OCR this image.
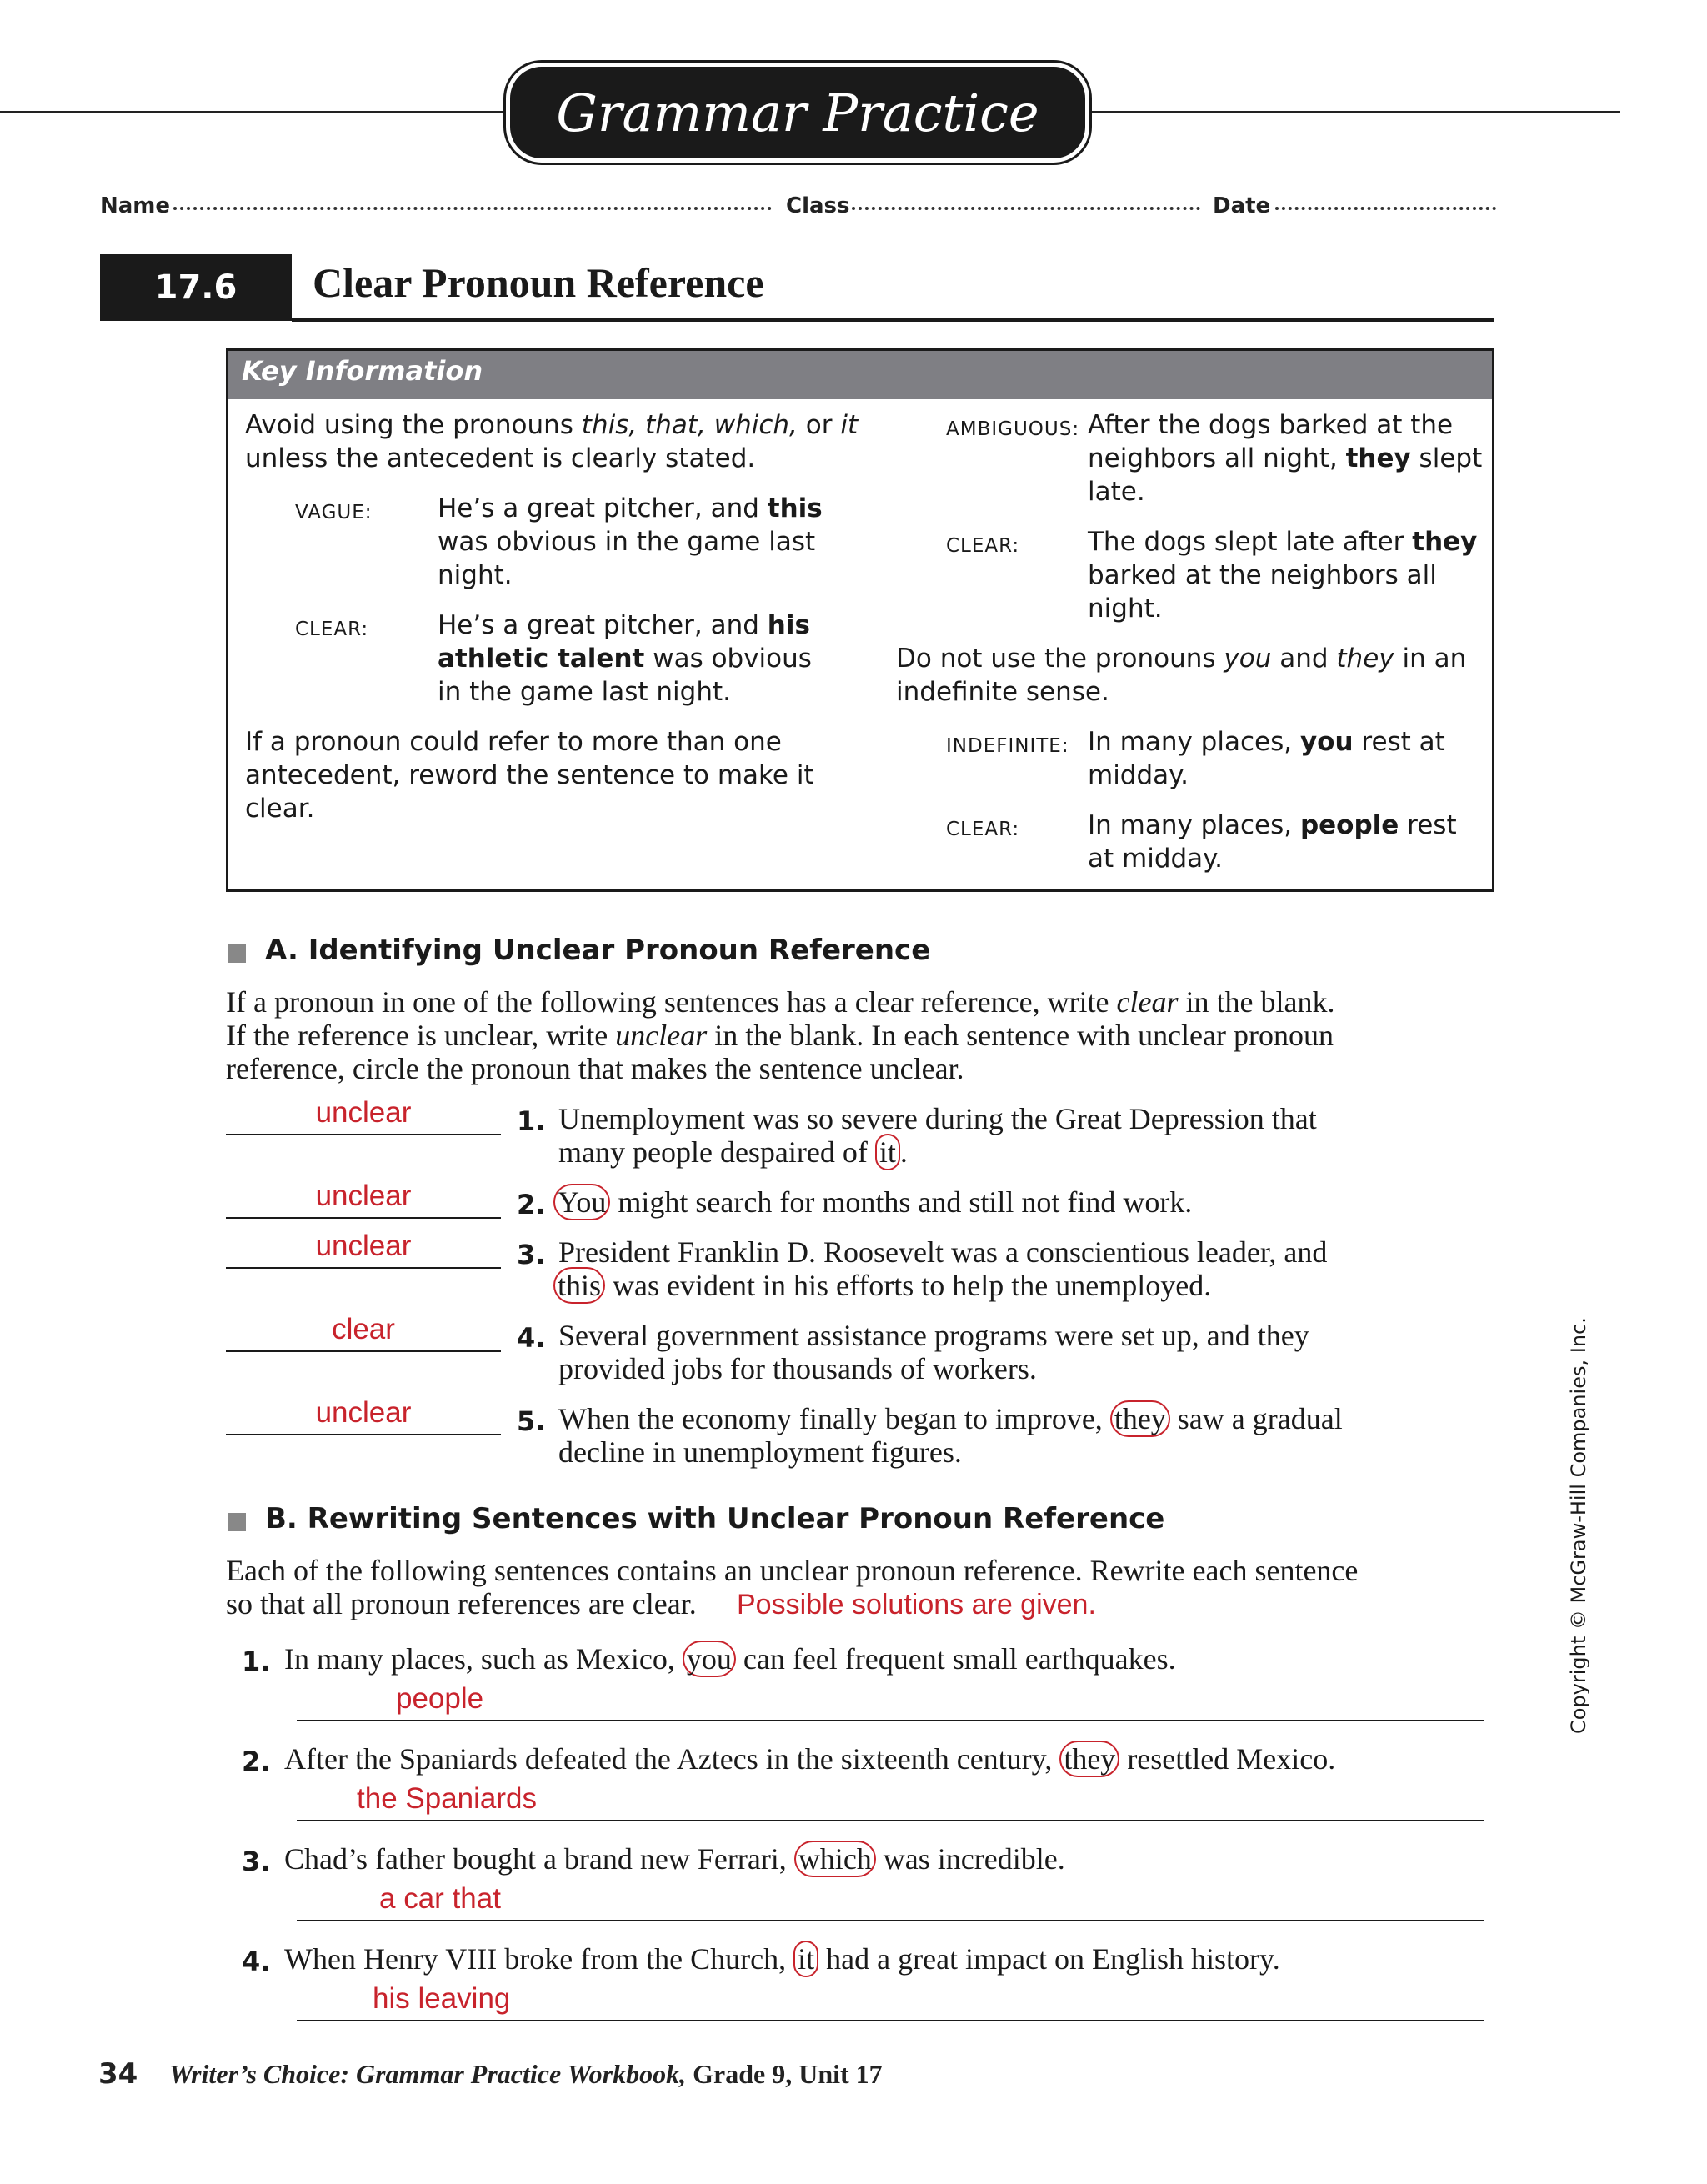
Grammar Practice
Name	Class	Date
17.6 Clear Pronoun Reference
Key Information
Avoid using the pronouns this, that, which, or it
unless the antecedent is clearly stated.
VAGUE:	He’s a great pitcher, and this
was obvious in the game last
night.
CLEAR:	He’s a great pitcher, and his
athletic talent was obvious
in the game last night.
If a pronoun could refer to more than one
antecedent, reword the sentence to make it
clear.
AMBIGUOUS: After the dogs barked at the
neighbors all night, they slept
late.
CLEAR:	The dogs slept late after they
barked at the neighbors all
night.
Do not use the pronouns you and they in an
indefinite sense.
INDEFINITE: In many places, you rest at
midday.
CLEAR:	In many places, people rest
at midday.
A. Identifying Unclear Pronoun Reference
If a pronoun in one of the following sentences has a clear reference, write clear in the blank.
If the reference is unclear, write unclear in the blank. In each sentence with unclear pronoun
reference, circle the pronoun that makes the sentence unclear.
unclear	1. Unemployment was so severe during the Great Depression that
many people despaired of it .
unclear	2. You might search for months and still not find work.
unclear	3. President Franklin D. Roosevelt was a conscientious leader, and
this was evident in his efforts to help the unemployed.
clear	4. Several government assistance programs were set up, and they
provided jobs for thousands of workers.
unclear	5. When the economy finally began to improve, they saw a gradual
decline in unemployment figures.
B. Rewriting Sentences with Unclear Pronoun Reference
Each of the following sentences contains an unclear pronoun reference. Rewrite each sentence
so that all pronoun references are clear.	Possible solutions are given.
1. In many places, such as Mexico, you can feel frequent small earthquakes.
people
2. After the Spaniards defeated the Aztecs in the sixteenth century, they resettled Mexico.
the Spaniards
3. Chad’s father bought a brand new Ferrari, which was incredible.
a car that
4. When Henry VIII broke from the Church, it had a great impact on English history.
his leaving
34 Writer’s Choice: Grammar Practice Workbook, Grade 9, Unit 17
Copyright © McGraw-Hill Companies, Inc.
